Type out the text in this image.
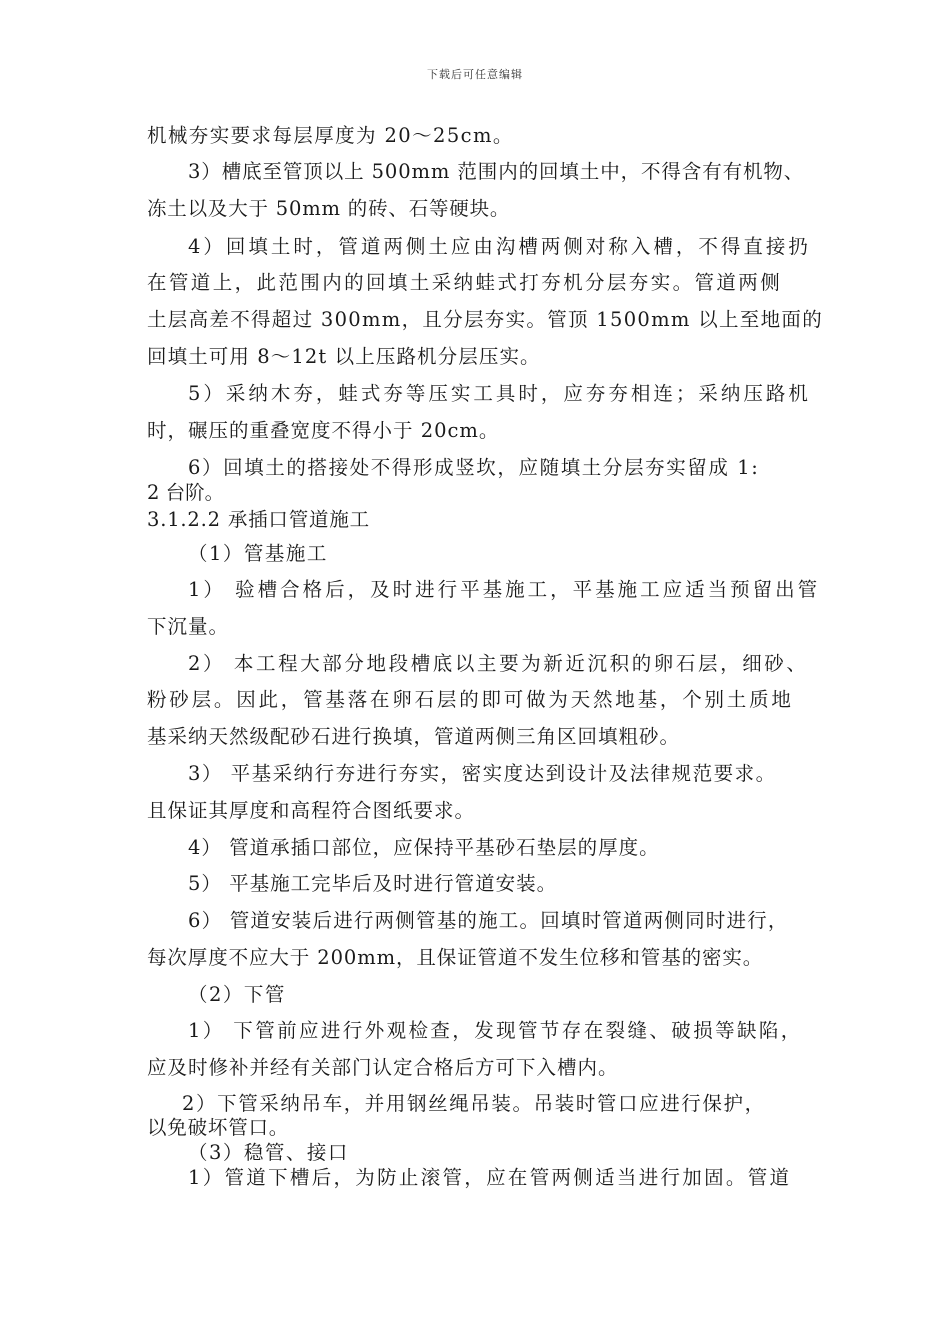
下载后可任意编辑
机械夯实要求每层厚度为 20～25cm。
3）槽底至管顶以上 500mm 范围内的回填土中，不得含有有机物、
冻土以及大于 50mm 的砖、石等硬块。
4）回填土时，管道两侧土应由沟槽两侧对称入槽，不得直接扔
在管道上，此范围内的回填土采纳蛙式打夯机分层夯实。管道两侧
土层高差不得超过 300mm，且分层夯实。管顶 1500mm 以上至地面的
回填土可用 8～12t 以上压路机分层压实。
5）采纳木夯，蛙式夯等压实工具时，应夯夯相连；采纳压路机
时，碾压的重叠宽度不得小于 20cm。
6）回填土的搭接处不得形成竖坎，应随填土分层夯实留成 1:
2 台阶。
3.1.2.2 承插口管道施工
（1）管基施工
1） 验槽合格后，及时进行平基施工，平基施工应适当预留出管
下沉量。
2） 本工程大部分地段槽底以主要为新近沉积的卵石层，细砂、
粉砂层。因此，管基落在卵石层的即可做为天然地基，个别土质地
基采纳天然级配砂石进行换填，管道两侧三角区回填粗砂。
3） 平基采纳行夯进行夯实，密实度达到设计及法律规范要求。
且保证其厚度和高程符合图纸要求。
4） 管道承插口部位，应保持平基砂石垫层的厚度。
5） 平基施工完毕后及时进行管道安装。
6） 管道安装后进行两侧管基的施工。回填时管道两侧同时进行，
每次厚度不应大于 200mm，且保证管道不发生位移和管基的密实。
（2）下管
1） 下管前应进行外观检查，发现管节存在裂缝、破损等缺陷，
应及时修补并经有关部门认定合格后方可下入槽内。
2）下管采纳吊车，并用钢丝绳吊装。吊装时管口应进行保护，
以免破坏管口。
（3）稳管、接口
1）管道下槽后，为防止滚管，应在管两侧适当进行加固。管道
